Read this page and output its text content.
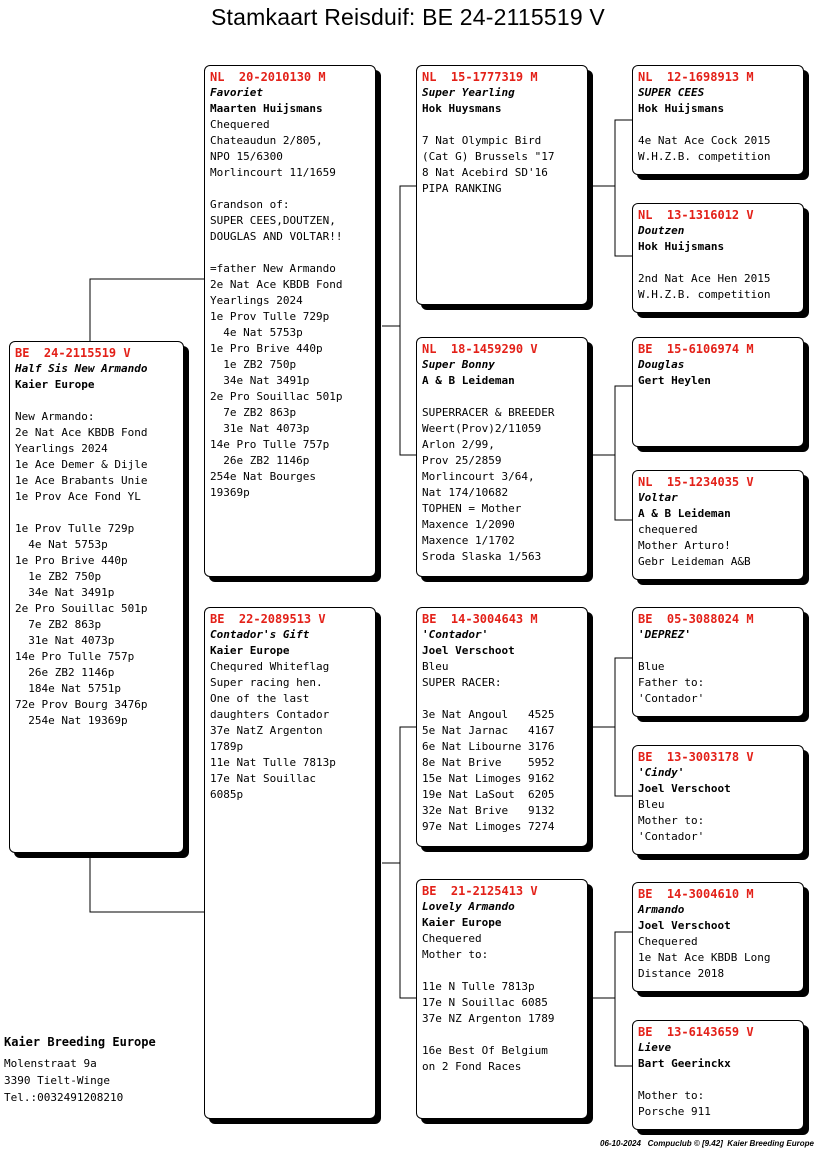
Stamkaart Reisduif: BE 24-2115519 V
BE  24-2115519 V
Half Sis New Armando
Kaier Europe
New Armando:
2e Nat Ace KBDB Fond
Yearlings 2024
1e Ace Demer & Dijle
1e Ace Brabants Unie
1e Prov Ace Fond YL
1e Prov Tulle 729p
4e Nat 5753p
1e Pro Brive 440p
1e ZB2 750p
34e Nat 3491p
2e Pro Souillac 501p
7e ZB2 863p
31e Nat 4073p
14e Pro Tulle 757p
26e ZB2 1146p
184e Nat 5751p
72e Prov Bourg 3476p
254e Nat 19369p
NL  20-2010130 M
Favoriet
Maarten Huijsmans
Chequered
Chateaudun 2/805,
NPO 15/6300
Morlincourt 11/1659
Grandson of:
SUPER CEES,DOUTZEN,
DOUGLAS AND VOLTAR!!
=father New Armando
2e Nat Ace KBDB Fond
Yearlings 2024
1e Prov Tulle 729p
4e Nat 5753p
1e Pro Brive 440p
1e ZB2 750p
34e Nat 3491p
2e Pro Souillac 501p
7e ZB2 863p
31e Nat 4073p
14e Pro Tulle 757p
26e ZB2 1146p
254e Nat Bourges
19369p
BE  22-2089513 V
Contador's Gift
Kaier Europe
Chequred Whiteflag
Super racing hen.
One of the last
daughters Contador
37e NatZ Argenton
1789p
11e Nat Tulle 7813p
17e Nat Souillac
6085p
NL  15-1777319 M
Super Yearling
Hok Huysmans
7 Nat Olympic Bird
(Cat G) Brussels "17
8 Nat Acebird SD'16
PIPA RANKING
NL  18-1459290 V
Super Bonny
A & B Leideman
SUPERRACER & BREEDER
Weert(Prov)2/11059
Arlon 2/99,
Prov 25/2859
Morlincourt 3/64,
Nat 174/10682
TOPHEN = Mother
Maxence 1/2090
Maxence 1/1702
Sroda Slaska 1/563
BE  14-3004643 M
'Contador'
Joel Verschoot
Bleu
SUPER RACER:
3e Nat Angoul   4525
5e Nat Jarnac   4167
6e Nat Libourne 3176
8e Nat Brive    5952
15e Nat Limoges 9162
19e Nat LaSout  6205
32e Nat Brive   9132
97e Nat Limoges 7274
BE  21-2125413 V
Lovely Armando
Kaier Europe
Chequered
Mother to:
11e N Tulle 7813p
17e N Souillac 6085
37e NZ Argenton 1789
16e Best Of Belgium
on 2 Fond Races
NL  12-1698913 M
SUPER CEES
Hok Huijsmans
4e Nat Ace Cock 2015
W.H.Z.B. competition
NL  13-1316012 V
Doutzen
Hok Huijsmans
2nd Nat Ace Hen 2015
W.H.Z.B. competition
BE  15-6106974 M
Douglas
Gert Heylen
NL  15-1234035 V
Voltar
A & B Leideman
chequered
Mother Arturo!
Gebr Leideman A&B
BE  05-3088024 M
'DEPREZ'
Blue
Father to:
'Contador'
BE  13-3003178 V
'Cindy'
Joel Verschoot
Bleu
Mother to:
'Contador'
BE  14-3004610 M
Armando
Joel Verschoot
Chequered
1e Nat Ace KBDB Long
Distance 2018
BE  13-6143659 V
Lieve
Bart Geerinckx
Mother to:
Porsche 911
Kaier Breeding Europe
Molenstraat 9a
3390 Tielt-Winge
Tel.:0032491208210
06-10-2024   Compuclub © [9.42]  Kaier Breeding Europe
